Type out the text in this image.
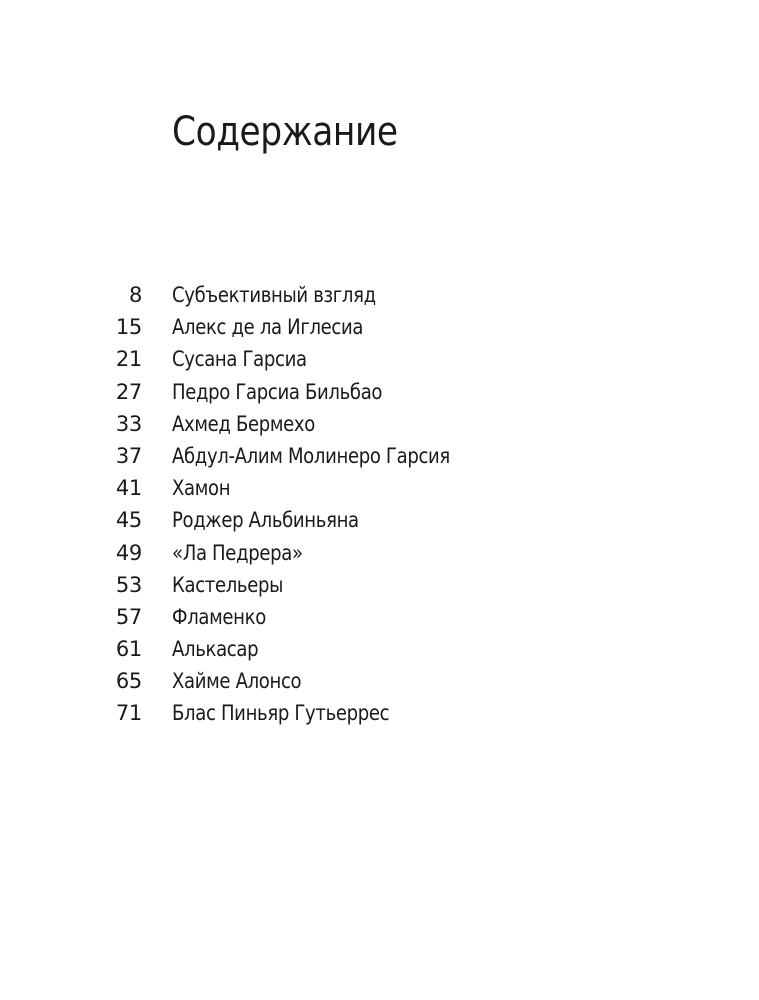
Содержание
8 Субъективный взгляд
15 Алекс де ла Иглесиа
21 Сусана Гарсиа
27 Педро Гарсиа Бильбао
33 Ахмед Бермехо
37 Абдул-Алим Молинеро Гарсия
41 Хамон
45 Роджер Альбиньяна
49 «Ла Педрера»
53 Кастельеры
57 Фламенко
61 Алькасар
65 Хайме Алонсо
71 Блас Пиньяр Гутьеррес
